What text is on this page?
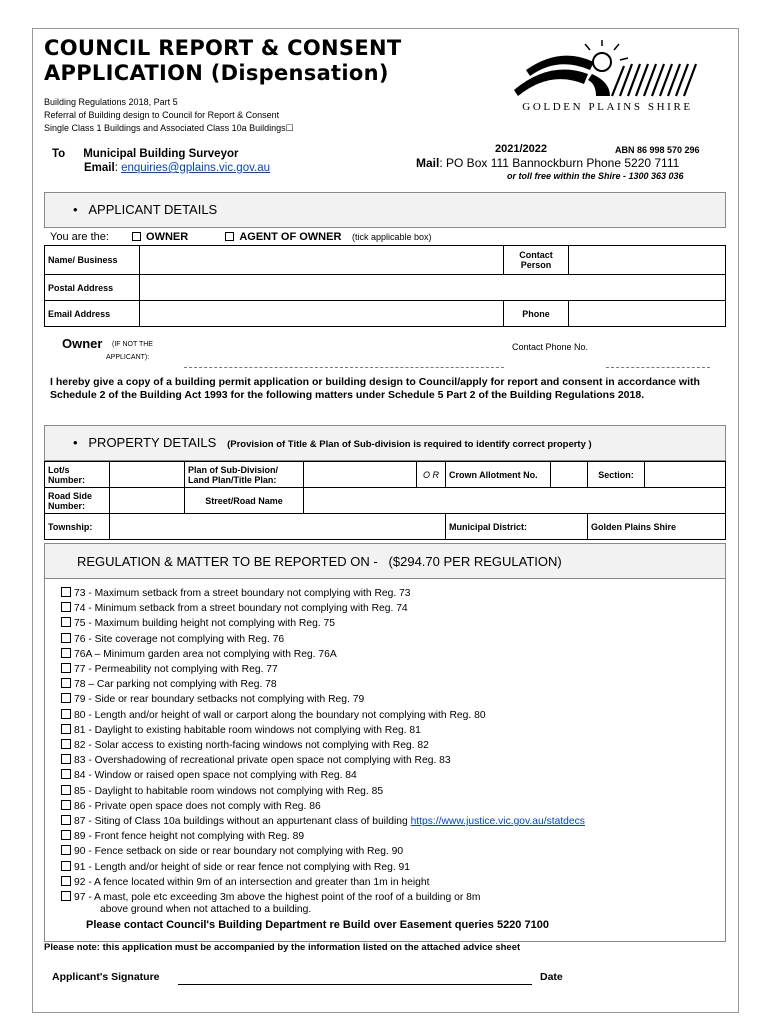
COUNCIL REPORT & CONSENT
APPLICATION (Dispensation)
Building Regulations 2018, Part 5
Referral of Building design to Council for Report & Consent
Single Class 1 Buildings and Associated Class 10a Buildings☐
GOLDEN PLAINS SHIRE
To Municipal Building Surveyor
Email: enquiries@gplains.vic.gov.au
2021/2022	ABN 86 998 570 296
Mail: PO Box 111 Bannockburn Phone 5220 7111
or toll free within the Shire - 1300 363 036
•   APPLICANT DETAILS
You are the:	OWNER	AGENT OF OWNER (tick applicable box)
Name/ Business		Contact Person	
Postal Address			
Email Address		Phone	
Owner (IF NOT THE
APPLICANT):
Contact Phone No.
I hereby give a copy of a building permit application or building design to Council/apply for report and consent in accordance with Schedule 2 of the Building Act 1993 for the following matters under Schedule 5 Part 2 of the Building Regulations 2018.
•   PROPERTY DETAILS (Provision of Title & Plan of Sub-division is required to identify correct property )
Lot/s Number:		Plan of Sub-Division/ Land Plan/Title Plan:		O R	Crown Allotment No.		Section:	
Road Side Number:		Street/Road Name						
Township:					Municipal District:		Golden Plains Shire	
REGULATION & MATTER TO BE REPORTED ON -   ($294.70 PER REGULATION)
73 - Maximum setback from a street boundary not complying with Reg. 73
74 - Minimum setback from a street boundary not complying with Reg. 74
75 - Maximum building height not complying with Reg. 75
76 - Site coverage not complying with Reg. 76
76A – Minimum garden area not complying with Reg. 76A
77 - Permeability not complying with Reg. 77
78 – Car parking not complying with Reg. 78
79 - Side or rear boundary setbacks not complying with Reg. 79
80 - Length and/or height of wall or carport along the boundary not complying with Reg. 80
81 - Daylight to existing habitable room windows not complying with Reg. 81
82 - Solar access to existing north-facing windows not complying with Reg. 82
83 - Overshadowing of recreational private open space not complying with Reg. 83
84 - Window or raised open space not complying with Reg. 84
85 - Daylight to habitable room windows not complying with Reg. 85
86 - Private open space does not comply with Reg. 86
87 - Siting of Class 10a buildings without an appurtenant class of building https://www.justice.vic.gov.au/statdecs
89 - Front fence height not complying with Reg. 89
90 - Fence setback on side or rear boundary not complying with Reg. 90
91 - Length and/or height of side or rear fence not complying with Reg. 91
92 - A fence located within 9m of an intersection and greater than 1m in height
97 - A mast, pole etc exceeding 3m above the highest point of the roof of a building or 8m
above ground when not attached to a building.
Please contact Council's Building Department re Build over Easement queries 5220 7100
Please note: this application must be accompanied by the information listed on the attached advice sheet
Applicant's Signature	Date
